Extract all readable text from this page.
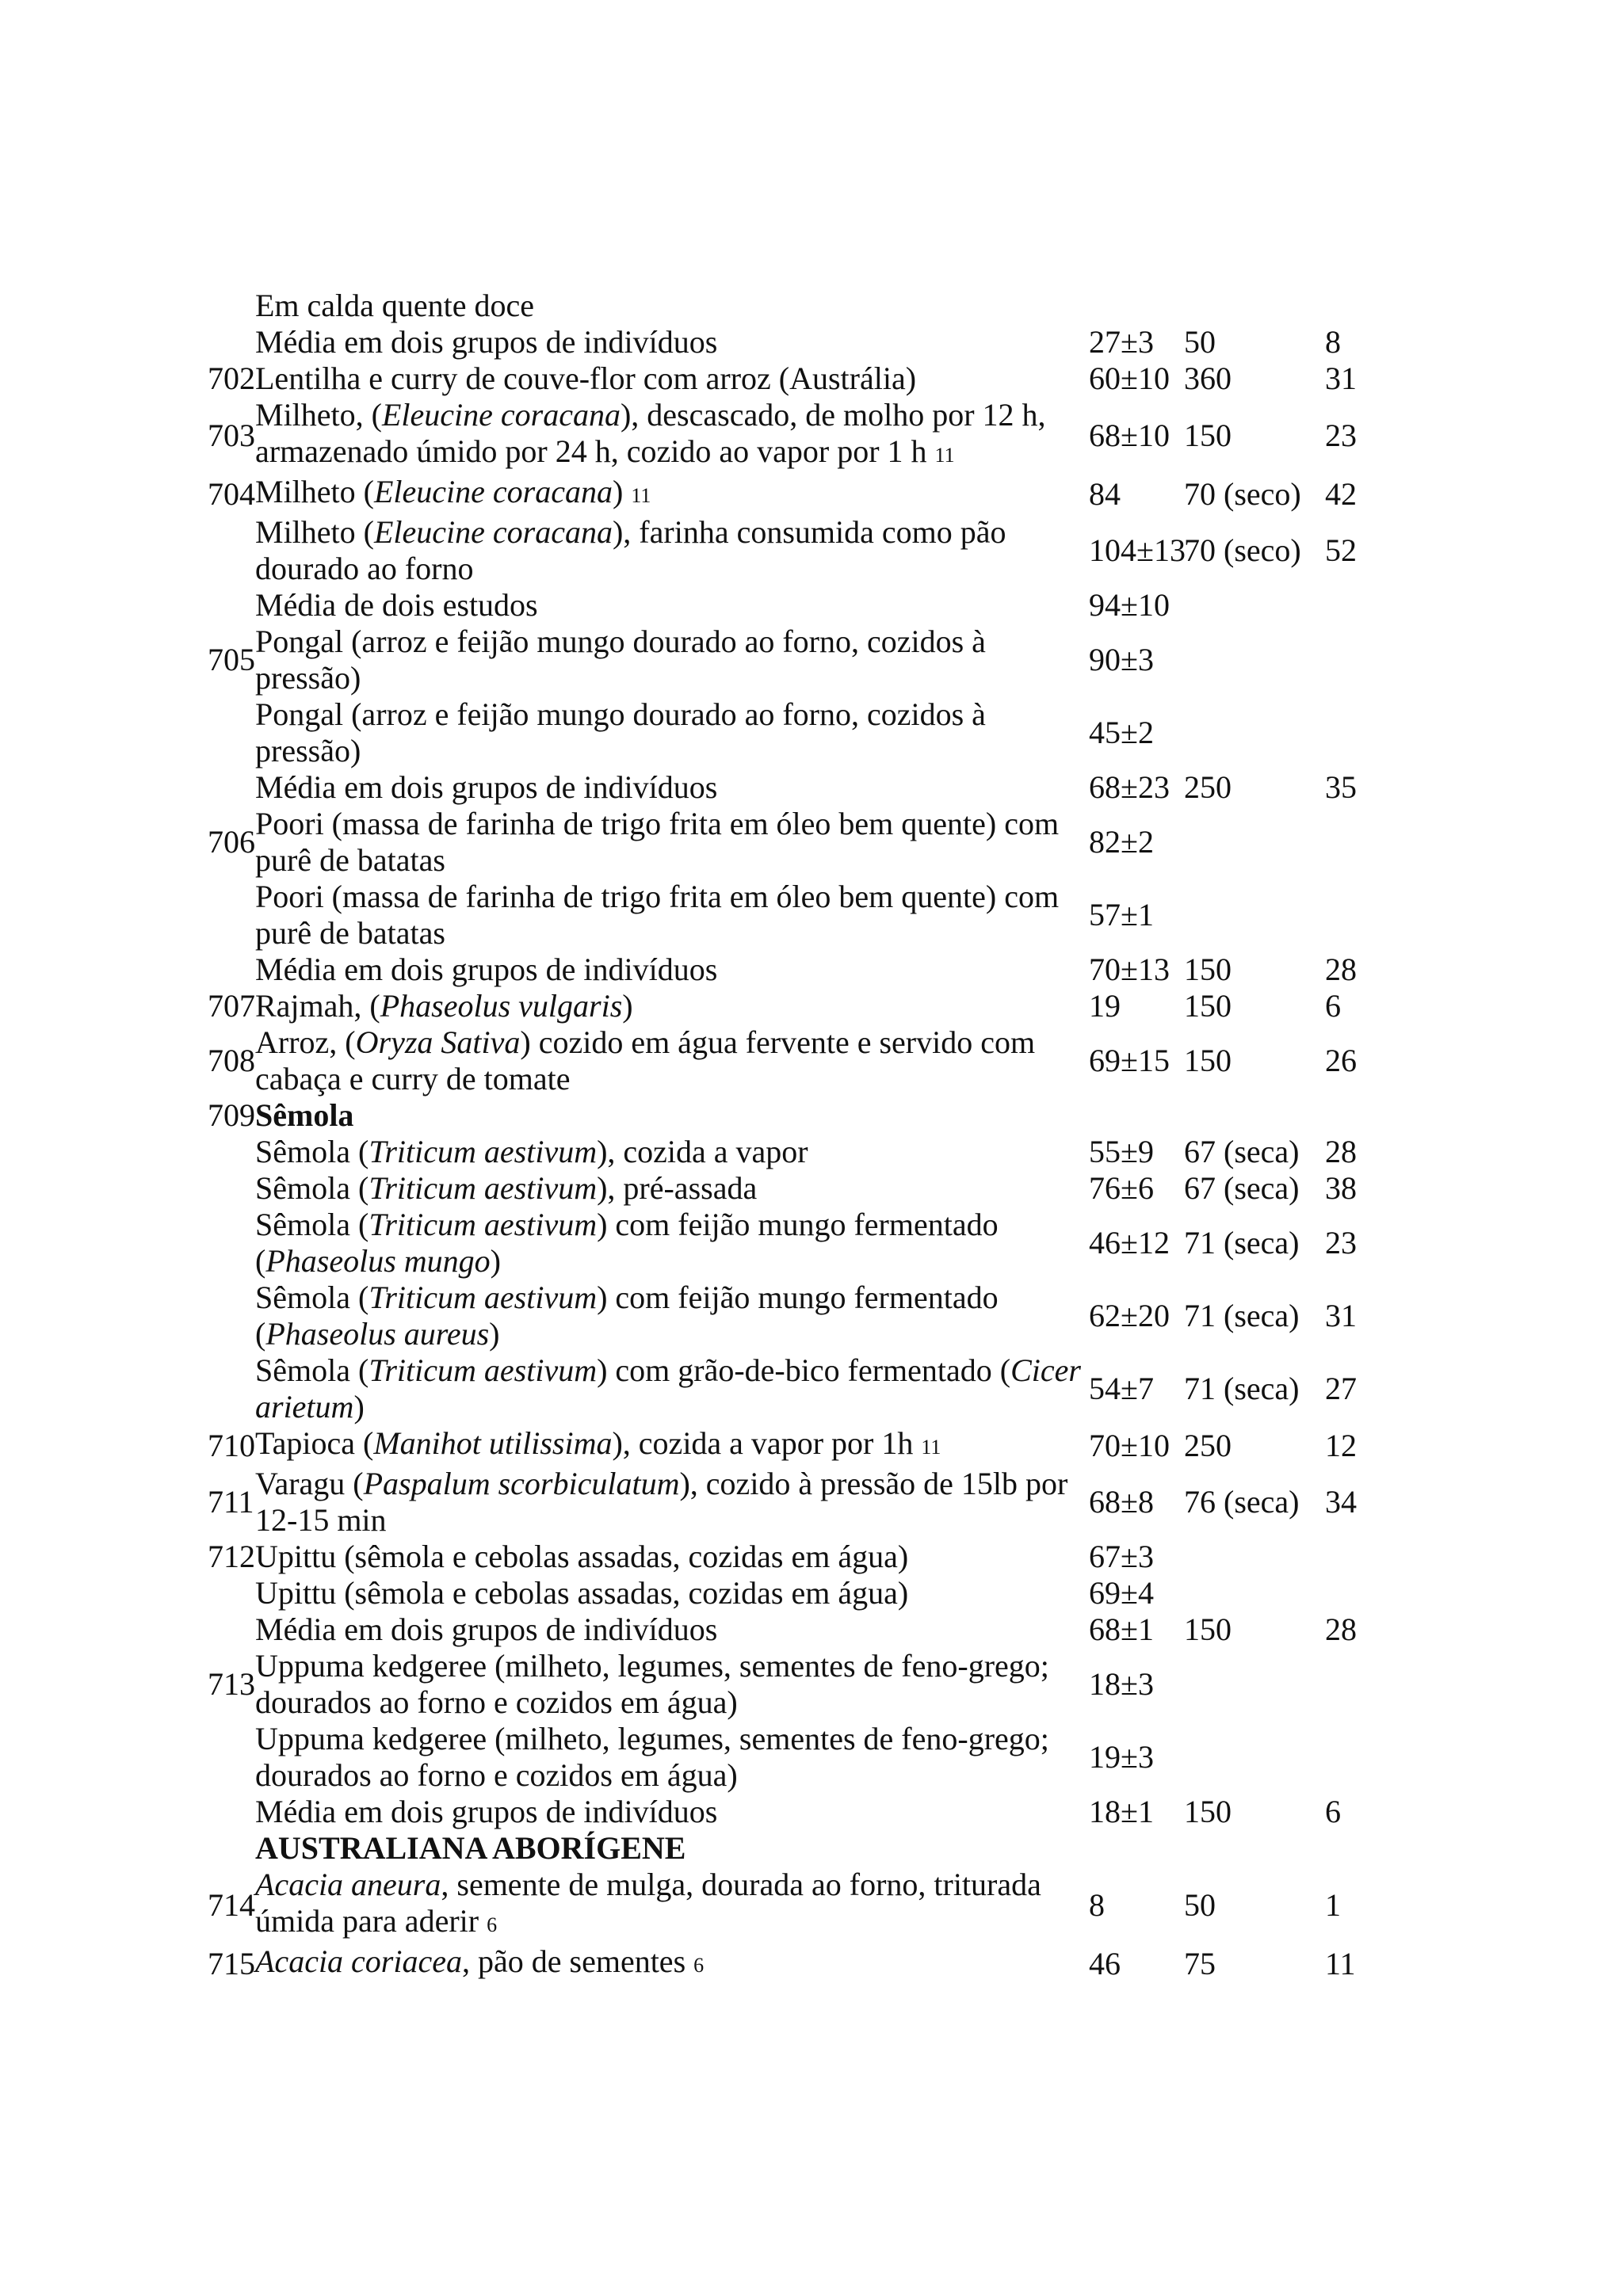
	Em calda quente doce			
	Média em dois grupos de indivíduos	27±3	50	8
702	Lentilha e curry de couve-flor com arroz (Austrália)	60±10	360	31
703	Milheto, (Eleucine coracana), descascado, de molho por 12 h, armazenado úmido por 24 h, cozido ao vapor por 1 h 11	68±10	150	23
704	Milheto (Eleucine coracana) 11	84	70 (seco)	42
	Milheto (Eleucine coracana), farinha consumida como pão dourado ao forno	104±13	70 (seco)	52
	Média de dois estudos	94±10		
705	Pongal (arroz e feijão mungo dourado ao forno, cozidos à pressão)	90±3		
	Pongal (arroz e feijão mungo dourado ao forno, cozidos à pressão)	45±2		
	Média em dois grupos de indivíduos	68±23	250	35
706	Poori (massa de farinha de trigo frita em óleo bem quente) com purê de batatas	82±2		
	Poori (massa de farinha de trigo frita em óleo bem quente) com purê de batatas	57±1		
	Média em dois grupos de indivíduos	70±13	150	28
707	Rajmah, (Phaseolus vulgaris)	19	150	6
708	Arroz, (Oryza Sativa) cozido em água fervente e servido com cabaça e curry de tomate	69±15	150	26
709	Sêmola			
	Sêmola (Triticum aestivum), cozida a vapor	55±9	67 (seca)	28
	Sêmola (Triticum aestivum), pré-assada	76±6	67 (seca)	38
	Sêmola (Triticum aestivum) com feijão mungo fermentado (Phaseolus mungo)	46±12	71 (seca)	23
	Sêmola (Triticum aestivum) com feijão mungo fermentado (Phaseolus aureus)	62±20	71 (seca)	31
	Sêmola (Triticum aestivum) com grão-de-bico fermentado (Cicer arietum)	54±7	71 (seca)	27
710	Tapioca (Manihot utilissima), cozida a vapor por 1h 11	70±10	250	12
711	Varagu (Paspalum scorbiculatum), cozido à pressão de 15lb por 12-15 min	68±8	76 (seca)	34
712	Upittu (sêmola e cebolas assadas, cozidas em água)	67±3		
	Upittu (sêmola e cebolas assadas, cozidas em água)	69±4		
	Média em dois grupos de indivíduos	68±1	150	28
713	Uppuma kedgeree (milheto, legumes, sementes de feno-grego; dourados ao forno e cozidos em água)	18±3		
	Uppuma kedgeree (milheto, legumes, sementes de feno-grego; dourados ao forno e cozidos em água)	19±3		
	Média em dois grupos de indivíduos	18±1	150	6
	AUSTRALIANA ABORÍGENE			
714	Acacia aneura, semente de mulga, dourada ao forno, triturada úmida para aderir 6	8	50	1
715	Acacia coriacea, pão de sementes 6	46	75	11
